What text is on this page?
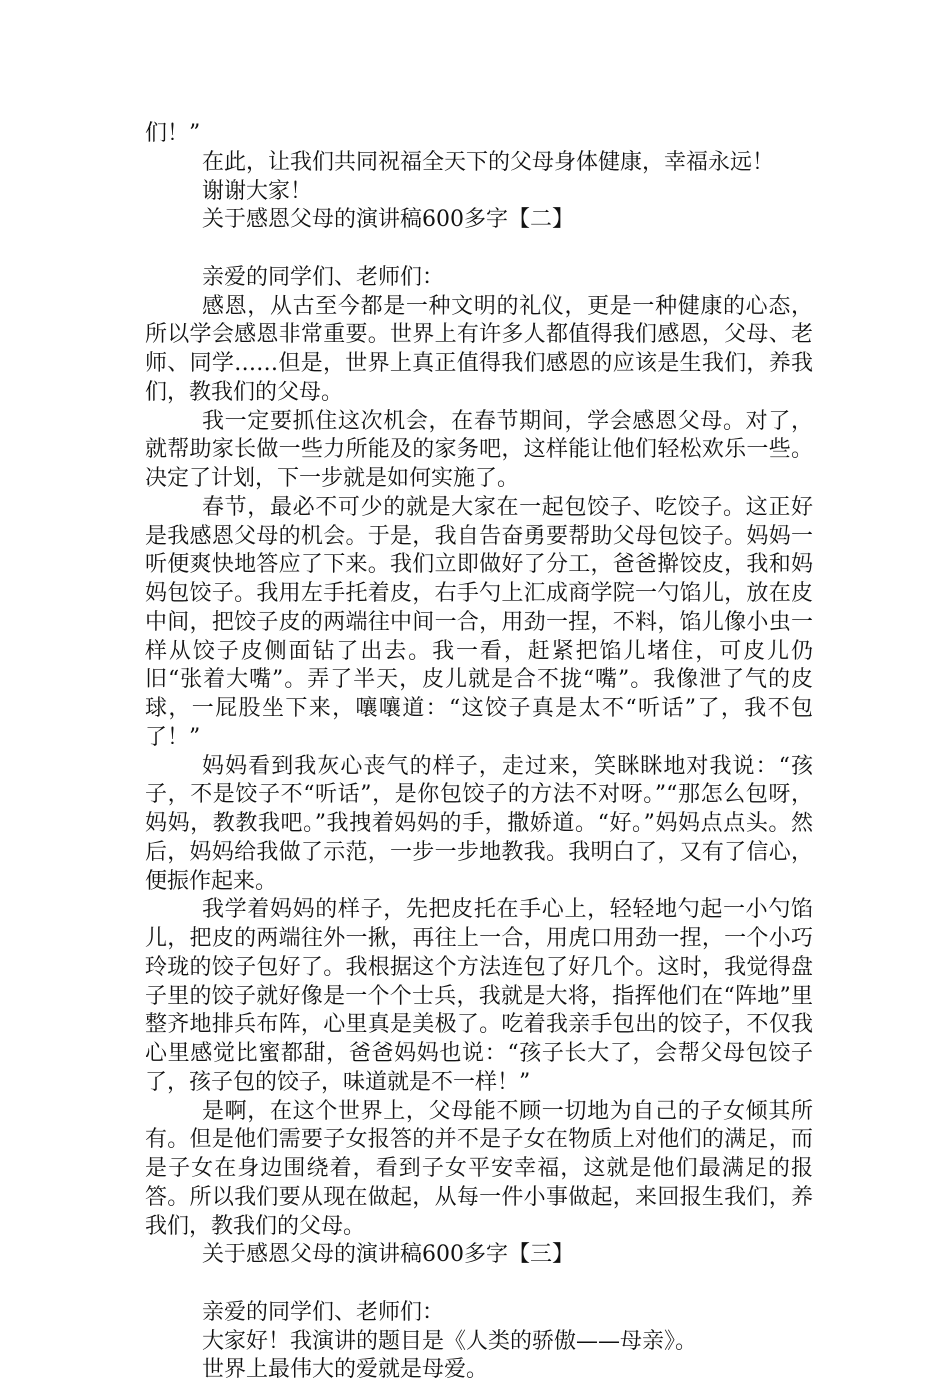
们！”

在此，让我们共同祝福全天下的父母身体健康，幸福永远！

谢谢大家！

关于感恩父母的演讲稿600多字【二】

亲爱的同学们、老师们：

感恩，从古至今都是一种文明的礼仪，更是一种健康的心态，所以学会感恩非常重要。世界上有许多人都值得我们感恩，父母、老师、同学……但是，世界上真正值得我们感恩的应该是生我们，养我们，教我们的父母。

我一定要抓住这次机会，在春节期间，学会感恩父母。对了，就帮助家长做一些力所能及的家务吧，这样能让他们轻松欢乐一些。决定了计划，下一步就是如何实施了。

春节，最必不可少的就是大家在一起包饺子、吃饺子。这正好是我感恩父母的机会。于是，我自告奋勇要帮助父母包饺子。妈妈一听便爽快地答应了下来。我们立即做好了分工，爸爸擀饺皮，我和妈妈包饺子。我用左手托着皮，右手勺上汇成商学院一勺馅儿，放在皮中间，把饺子皮的两端往中间一合，用劲一捏，不料，馅儿像小虫一样从饺子皮侧面钻了出去。我一看，赶紧把馅儿堵住，可皮儿仍旧“张着大嘴”。弄了半天，皮儿就是合不拢“嘴”。我像泄了气的皮球，一屁股坐下来，嚷嚷道：“这饺子真是太不“听话”了，我不包了！”

妈妈看到我灰心丧气的样子，走过来，笑眯眯地对我说：“孩子，不是饺子不“听话”，是你包饺子的方法不对呀。”“那怎么包呀，妈妈，教教我吧。”我拽着妈妈的手，撒娇道。“好。”妈妈点点头。然后，妈妈给我做了示范，一步一步地教我。我明白了，又有了信心，便振作起来。

我学着妈妈的样子，先把皮托在手心上，轻轻地勺起一小勺馅儿，把皮的两端往外一揪，再往上一合，用虎口用劲一捏，一个小巧玲珑的饺子包好了。我根据这个方法连包了好几个。这时，我觉得盘子里的饺子就好像是一个个士兵，我就是大将，指挥他们在“阵地”里整齐地排兵布阵，心里真是美极了。吃着我亲手包出的饺子，不仅我心里感觉比蜜都甜，爸爸妈妈也说：“孩子长大了，会帮父母包饺子了，孩子包的饺子，味道就是不一样！”

是啊，在这个世界上，父母能不顾一切地为自己的子女倾其所有。但是他们需要子女报答的并不是子女在物质上对他们的满足，而是子女在身边围绕着，看到子女平安幸福，这就是他们最满足的报答。所以我们要从现在做起，从每一件小事做起，来回报生我们，养我们，教我们的父母。

关于感恩父母的演讲稿600多字【三】

亲爱的同学们、老师们：

大家好！我演讲的题目是《人类的骄傲——母亲》。

世界上最伟大的爱就是母爱。
